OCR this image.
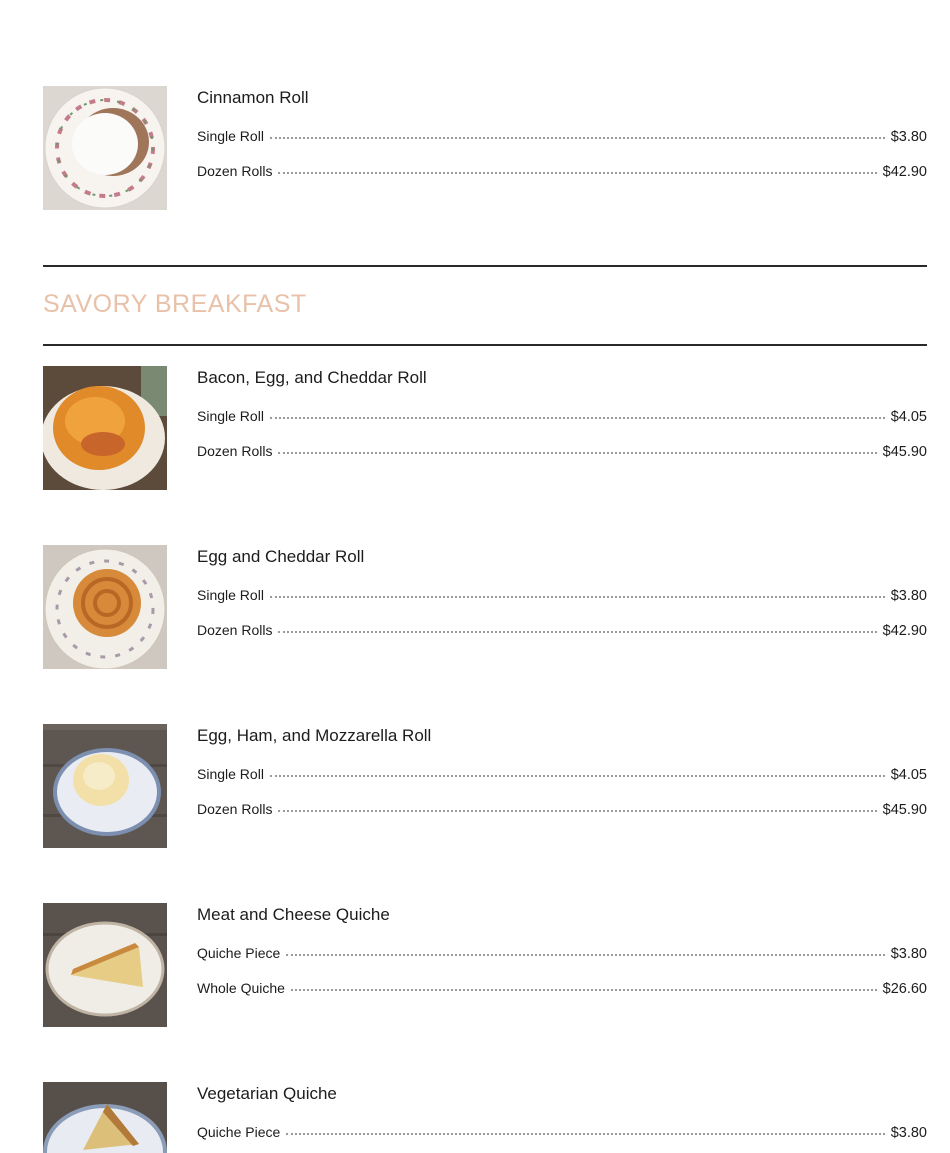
Cinnamon Roll
Single Roll	$3.80
Dozen Rolls	$42.90
SAVORY BREAKFAST
Bacon, Egg, and Cheddar Roll
Single Roll	$4.05
Dozen Rolls	$45.90
Egg and Cheddar Roll
Single Roll	$3.80
Dozen Rolls	$42.90
Egg, Ham, and Mozzarella Roll
Single Roll	$4.05
Dozen Rolls	$45.90
Meat and Cheese Quiche
Quiche Piece	$3.80
Whole Quiche	$26.60
Vegetarian Quiche
Quiche Piece	$3.80
